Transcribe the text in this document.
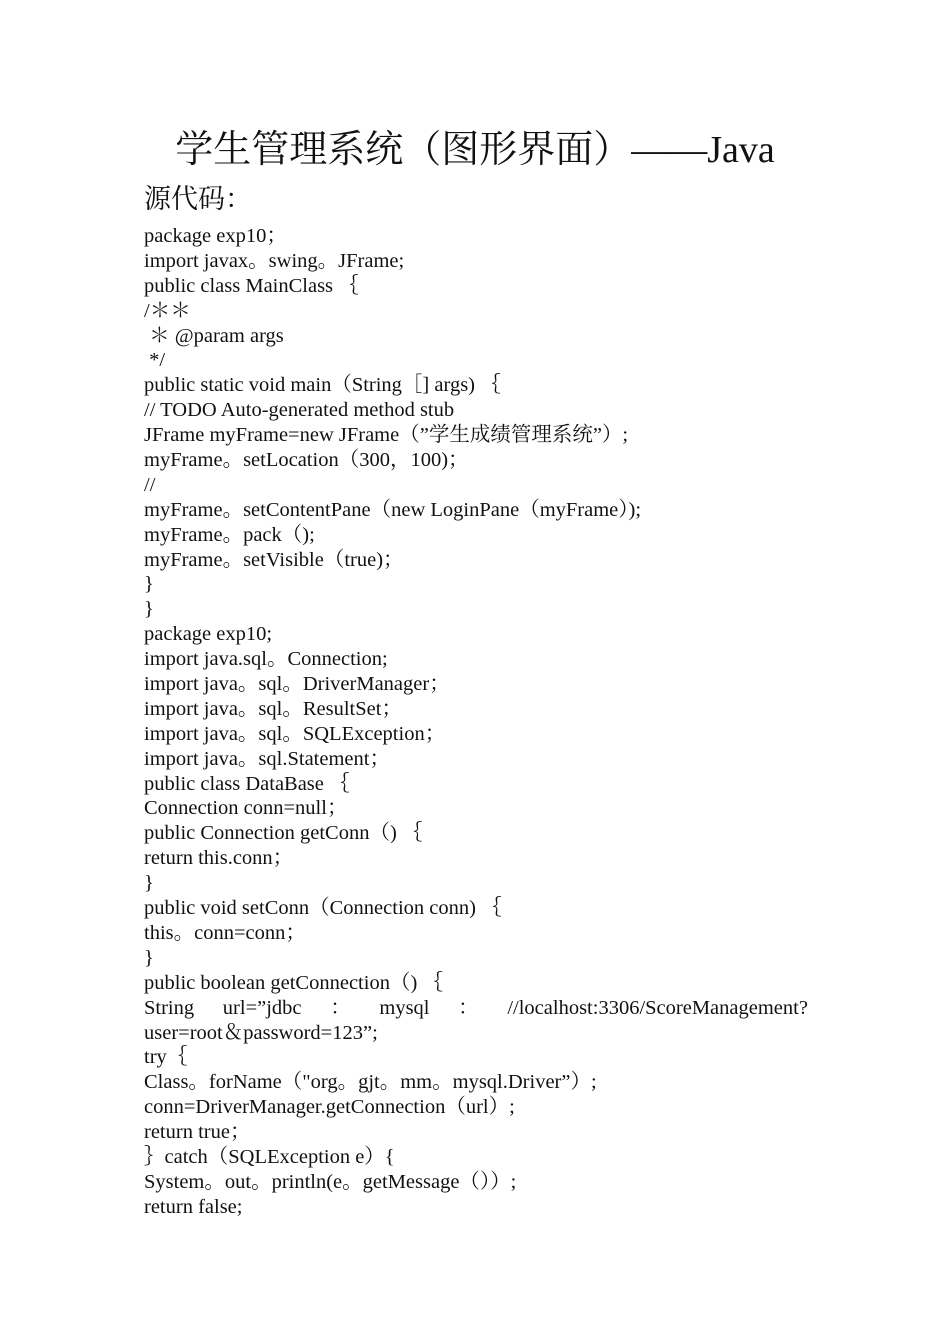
学生管理系统（图形界面）——Java
源代码：
package exp10；
import javax。swing。JFrame;
public class MainClass ｛
/＊＊
＊ @param args
*/
public static void main（String［] args) ｛
// TODO Auto-generated method stub
JFrame myFrame=new JFrame（”学生成绩管理系统”）;
myFrame。setLocation（300，100)；
//
myFrame。setContentPane（new LoginPane（myFrame）);
myFrame。pack（);
myFrame。setVisible（true)；
}
}
package exp10;
import java.sql。Connection;
import java。sql。DriverManager；
import java。sql。ResultSet；
import java。sql。SQLException；
import java。sql.Statement；
public class DataBase ｛
Connection conn=null；
public Connection getConn（) ｛
return this.conn；
}
public void setConn（Connection conn) ｛
this。conn=conn；
}
public boolean getConnection（) ｛
String url=”jdbc ： mysql ： //localhost:3306/ScoreManagement?
user=root＆password=123”;
try｛
Class。forName（"org。gjt。mm。mysql.Driver”）;
conn=DriverManager.getConnection（url）;
return true；
｝catch（SQLException e）{
System。out。println(e。getMessage（））;
return false;
